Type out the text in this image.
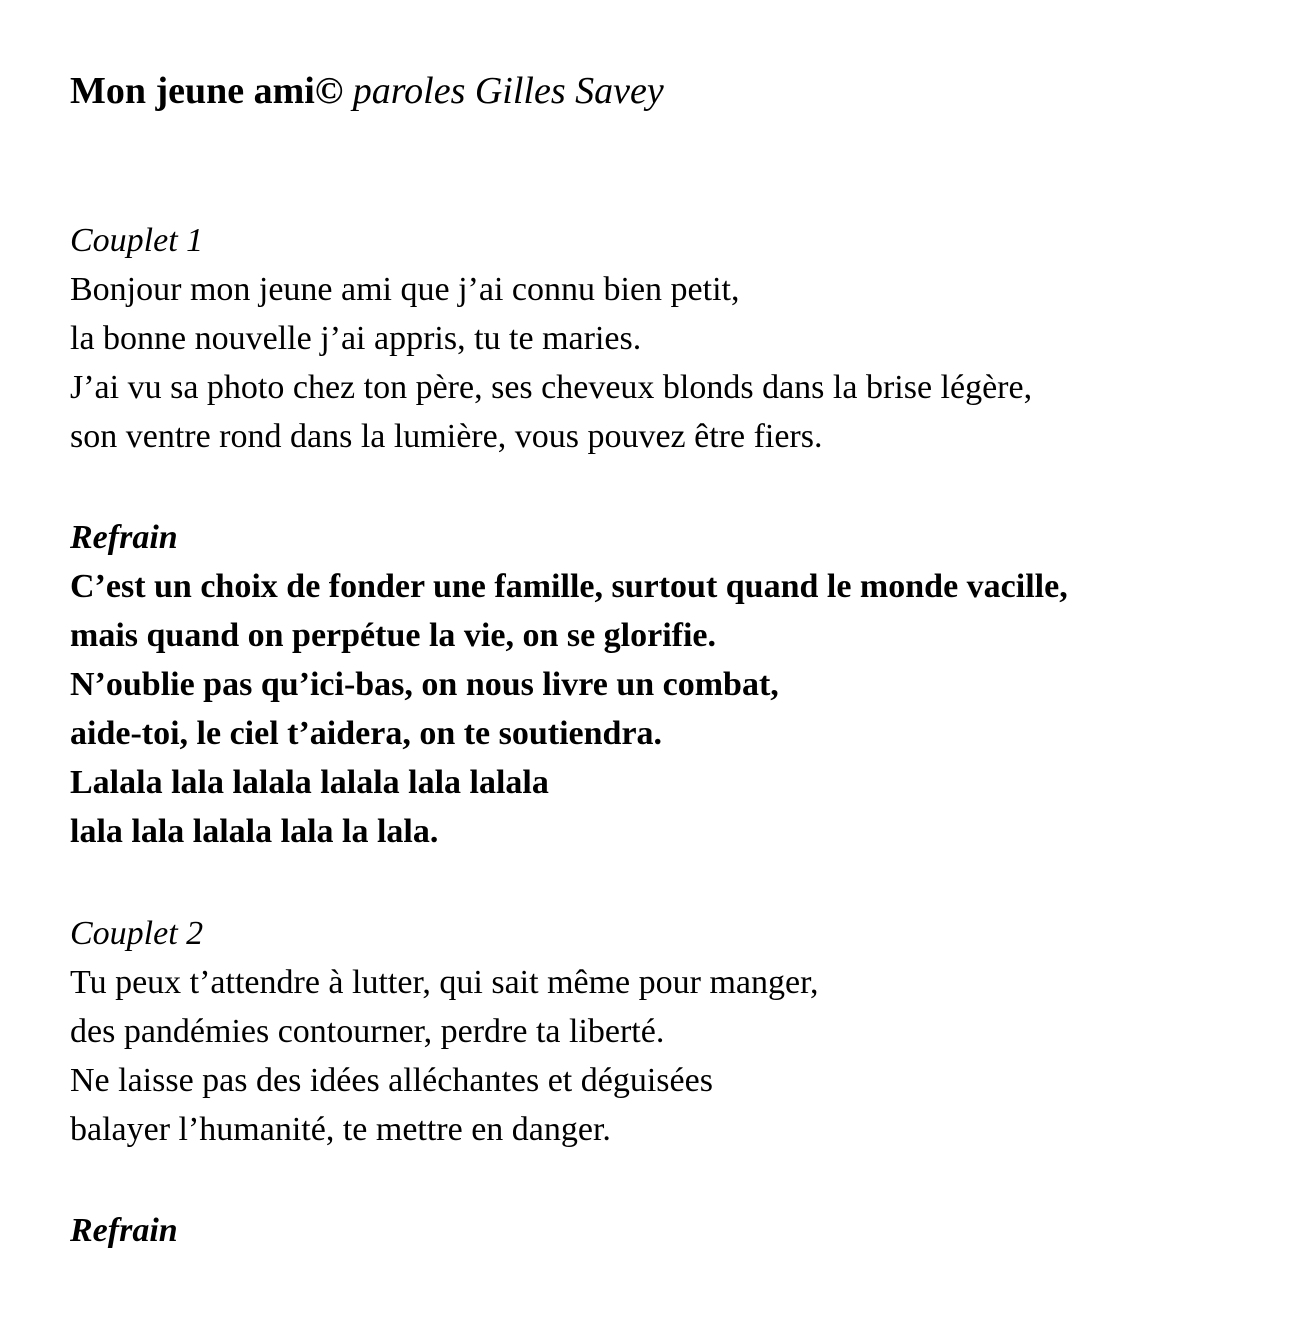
Mon jeune ami© paroles Gilles Savey
Couplet 1
Bonjour mon jeune ami que j’ai connu bien petit,
la bonne nouvelle j’ai appris, tu te maries.
J’ai vu sa photo chez ton père, ses cheveux blonds dans la brise légère,
son ventre rond dans la lumière, vous pouvez être fiers.
Refrain
C’est un choix de fonder une famille, surtout quand le monde vacille,
mais quand on perpétue la vie, on se glorifie.
N’oublie pas qu’ici-bas, on nous livre un combat,
aide-toi, le ciel t’aidera, on te soutiendra.
Lalala lala lalala lalala lala lalala
lala lala lalala lala la lala.
Couplet 2
Tu peux t’attendre à lutter, qui sait même pour manger,
des pandémies contourner, perdre ta liberté.
Ne laisse pas des idées alléchantes et déguisées
balayer l’humanité, te mettre en danger.
Refrain
